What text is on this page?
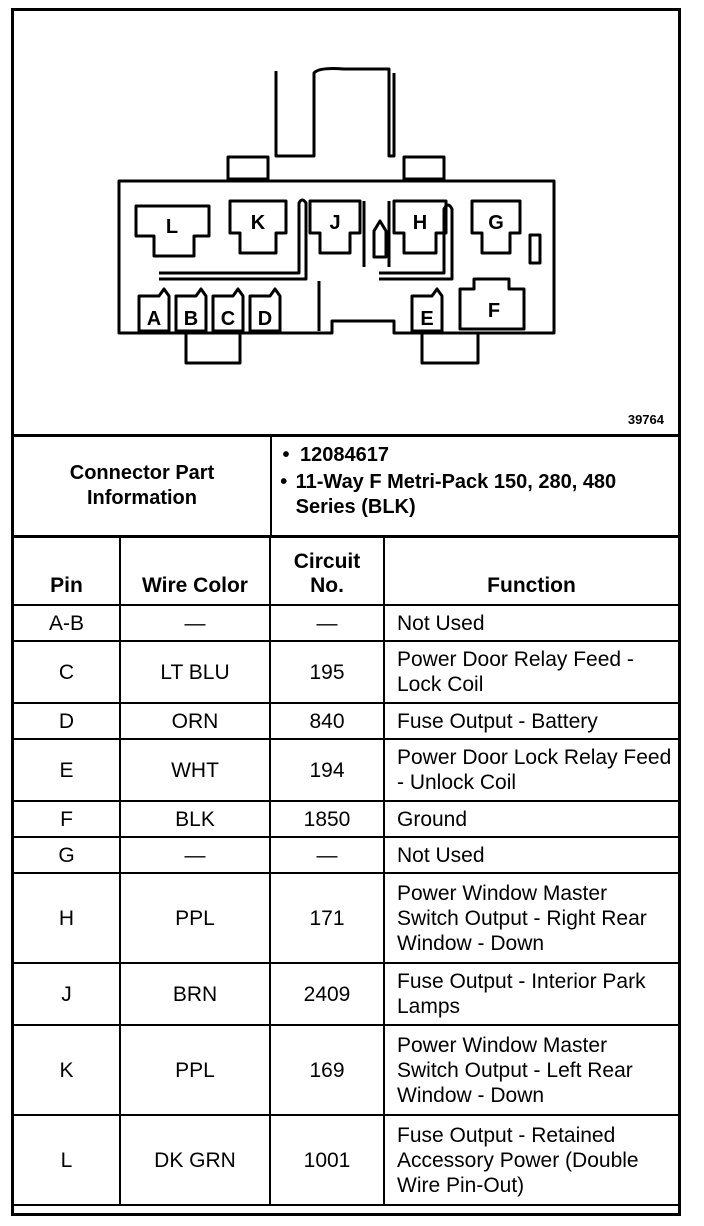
L	K	J	H	G
A B C D	E	F
39764
Connector Part Information
• 12084617
• 11-Way F Metri-Pack 150, 280, 480 Series (BLK)
Pin	Wire Color	Circuit No.	Function
A-B	—	—	Not Used
C	LT BLU	195	Power Door Relay Feed - Lock Coil
D	ORN	840	Fuse Output - Battery
E	WHT	194	Power Door Lock Relay Feed - Unlock Coil
F	BLK	1850	Ground
G	—	—	Not Used
H	PPL	171	Power Window Master Switch Output - Right Rear Window - Down
J	BRN	2409	Fuse Output - Interior Park Lamps
K	PPL	169	Power Window Master Switch Output - Left Rear Window - Down
L	DK GRN	1001	Fuse Output - Retained Accessory Power (Double Wire Pin-Out)
